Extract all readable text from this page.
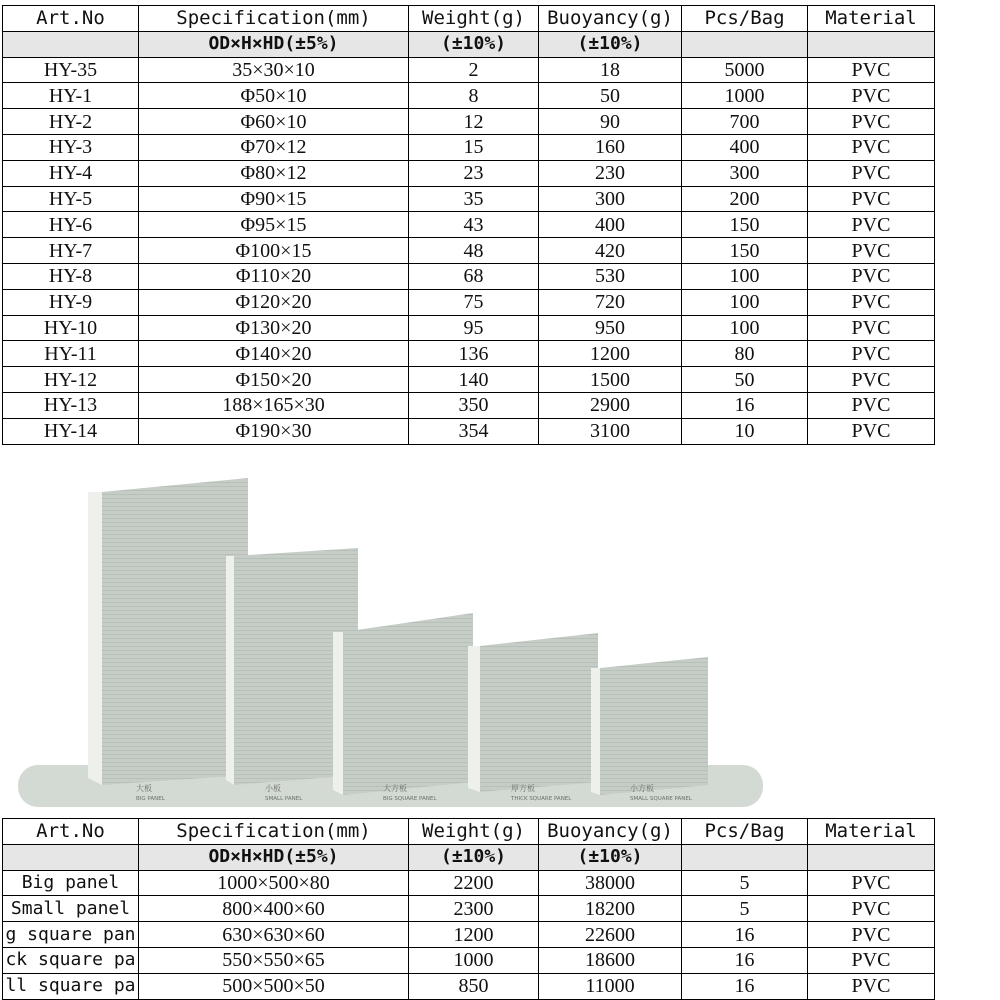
Art.No	Specification(mm)	Weight(g)	Buoyancy(g)	Pcs/Bag	Material
	OD×H×HD(±5%)	(±10%)	(±10%)		
HY-35	35×30×10	2	18	5000	PVC
HY-1	Φ50×10	8	50	1000	PVC
HY-2	Φ60×10	12	90	700	PVC
HY-3	Φ70×12	15	160	400	PVC
HY-4	Φ80×12	23	230	300	PVC
HY-5	Φ90×15	35	300	200	PVC
HY-6	Φ95×15	43	400	150	PVC
HY-7	Φ100×15	48	420	150	PVC
HY-8	Φ110×20	68	530	100	PVC
HY-9	Φ120×20	75	720	100	PVC
HY-10	Φ130×20	95	950	100	PVC
HY-11	Φ140×20	136	1200	80	PVC
HY-12	Φ150×20	140	1500	50	PVC
HY-13	188×165×30	350	2900	16	PVC
HY-14	Φ190×30	354	3100	10	PVC
大板
BIG PANEL
小板
SMALL PANEL
大方板
BIG SQUARE PANEL
厚方板
THICK SQUARE PANEL
小方板
SMALL SQUARE PANEL
Art.No	Specification(mm)	Weight(g)	Buoyancy(g)	Pcs/Bag	Material
	OD×H×HD(±5%)	(±10%)	(±10%)		
Big panel	1000×500×80	2200	38000	5	PVC
Small panel	800×400×60	2300	18200	5	PVC
g square pan	630×630×60	1200	22600	16	PVC
ck square pa	550×550×65	1000	18600	16	PVC
ll square pa	500×500×50	850	11000	16	PVC
